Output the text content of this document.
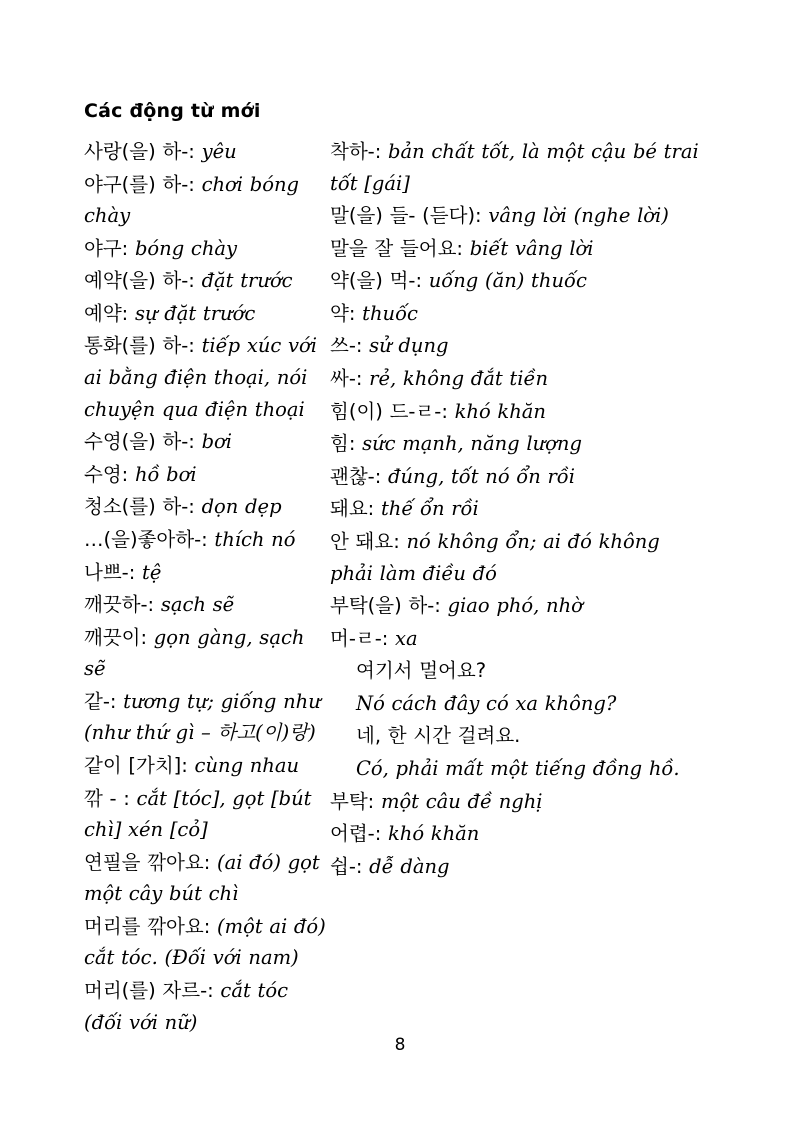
Các động từ mới

사랑(을) 하-: yêu

야구(를) 하-: chơi bóng chày

야구: bóng chày

예약(을) 하-: đặt trước

예약: sự đặt trước

통화(를) 하-: tiếp xúc với ai bằng điện thoại, nói chuyện qua điện thoại

수영(을) 하-: bơi

수영: hồ bơi

청소(를) 하-: dọn dẹp

…(을)좋아하-: thích nó

나쁘-: tệ

깨끗하-: sạch sẽ

깨끗이: gọn gàng, sạch sẽ

같-: tương tự; giống như (như thứ gì – 하고(이)랑)

같이 [가치]: cùng nhau

깎 - : cắt [tóc], gọt [bút chì] xén [cỏ]

연필을 깎아요: (ai đó) gọt một cây bút chì

머리를 깎아요: (một ai đó) cắt tóc. (Đối với nam)

머리(를) 자르-: cắt tóc (đối với nữ)

착하-: bản chất tốt, là một cậu bé trai tốt [gái]

말(을) 들- (듣다): vâng lời (nghe lời)

말을 잘 들어요: biết vâng lời

약(을) 먹-: uống (ăn) thuốc

약: thuốc

쓰-: sử dụng

싸-: rẻ, không đắt tiền

힘(이) 드-ㄹ-: khó khăn

힘: sức mạnh, năng lượng

괜찮-: đúng, tốt nó ổn rồi

돼요: thế ổn rồi

안 돼요: nó không ổn; ai đó không phải làm điều đó

부탁(을) 하-: giao phó, nhờ

머-ㄹ-: xa

여기서 멀어요?

Nó cách đây có xa không?

네, 한 시간 걸려요.

Có, phải mất một tiếng đồng hồ.

부탁: một câu đề nghị

어렵-: khó khăn

쉽-: dễ dàng

8
